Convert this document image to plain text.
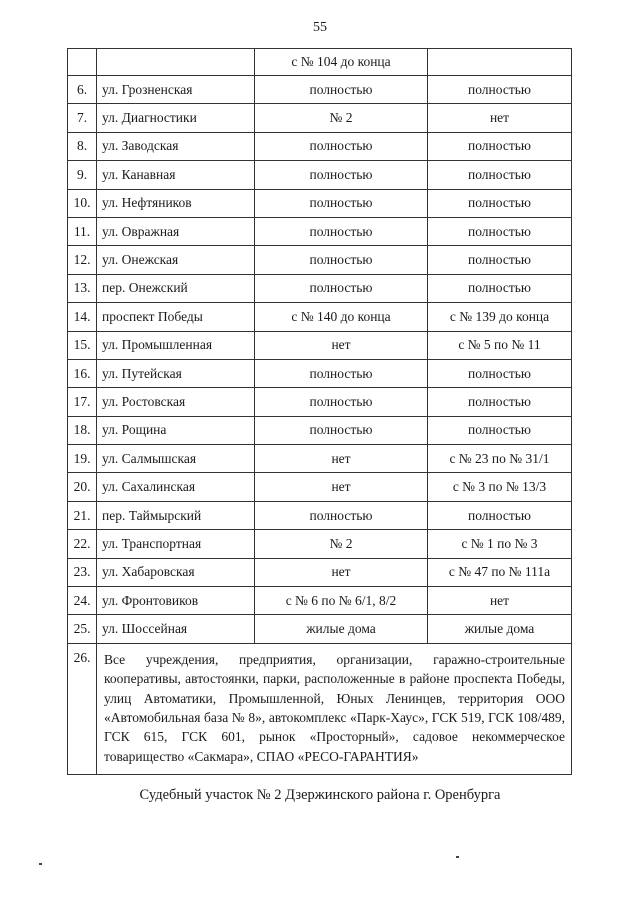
55
		с № 104 до конца	
6.	ул. Грозненская	полностью	полностью
7.	ул. Диагностики	№ 2	нет
8.	ул. Заводская	полностью	полностью
9.	ул. Канавная	полностью	полностью
10.	ул. Нефтяников	полностью	полностью
11.	ул. Овражная	полностью	полностью
12.	ул. Онежская	полностью	полностью
13.	пер. Онежский	полностью	полностью
14.	проспект Победы	с № 140 до конца	с № 139 до конца
15.	ул. Промышленная	нет	с № 5 по № 11
16.	ул. Путейская	полностью	полностью
17.	ул. Ростовская	полностью	полностью
18.	ул. Рощина	полностью	полностью
19.	ул. Салмышская	нет	с № 23 по № 31/1
20.	ул. Сахалинская	нет	с № 3 по № 13/3
21.	пер. Таймырский	полностью	полностью
22.	ул. Транспортная	№ 2	с № 1 по № 3
23.	ул. Хабаровская	нет	с № 47 по № 111а
24.	ул. Фронтовиков	с № 6 по № 6/1, 8/2	нет
25.	ул. Шоссейная	жилые дома	жилые дома
26.	Все учреждения, предприятия, организации, гаражно-строительные кооперативы, автостоянки, парки, расположенные в районе проспекта Победы, улиц Автоматики, Промышленной, Юных Ленинцев, территория ООО «Автомобильная база № 8», автокомплекс «Парк-Хаус», ГСК 519, ГСК 108/489, ГСК 615, ГСК 601, рынок «Просторный», садовое некоммерческое товарищество «Сакмара», СПАО «РЕСО-ГАРАНТИЯ»		
Судебный участок № 2 Дзержинского района г. Оренбурга
